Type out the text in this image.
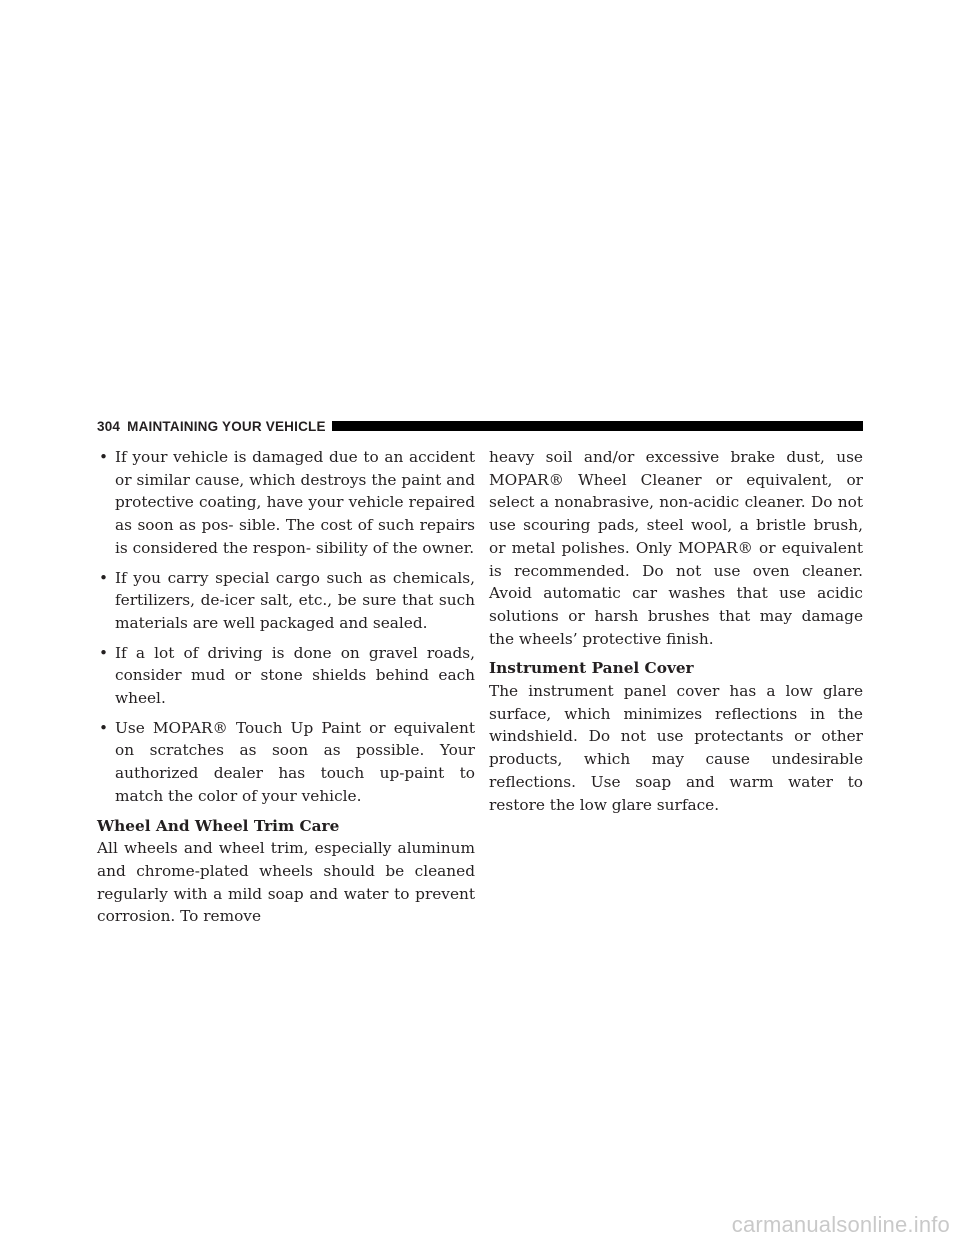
304 MAINTAINING YOUR VEHICLE
• If your vehicle is damaged due to an accident or similar cause, which destroys the paint and protective coating, have your vehicle repaired as soon as pos- sible. The cost of such repairs is considered the respon- sibility of the owner.
• If you carry special cargo such as chemicals, fertilizers, de-icer salt, etc., be sure that such materials are well packaged and sealed.
• If a lot of driving is done on gravel roads, consider mud or stone shields behind each wheel.
• Use MOPAR® Touch Up Paint or equivalent on scratches as soon as possible. Your authorized dealer has touch up-paint to match the color of your vehicle.
Wheel And Wheel Trim Care

All wheels and wheel trim, especially aluminum and chrome-plated wheels should be cleaned regularly with a mild soap and water to prevent corrosion. To remove

heavy soil and/or excessive brake dust, use MOPAR® Wheel Cleaner or equivalent, or select a nonabrasive, non-acidic cleaner. Do not use scouring pads, steel wool, a bristle brush, or metal polishes. Only MOPAR® or equivalent is recommended. Do not use oven cleaner. Avoid automatic car washes that use acidic solutions or harsh brushes that may damage the wheels’ protective finish.

Instrument Panel Cover

The instrument panel cover has a low glare surface, which minimizes reflections in the windshield. Do not use protectants or other products, which may cause undesirable reflections. Use soap and warm water to restore the low glare surface.

carmanualsonline.info
